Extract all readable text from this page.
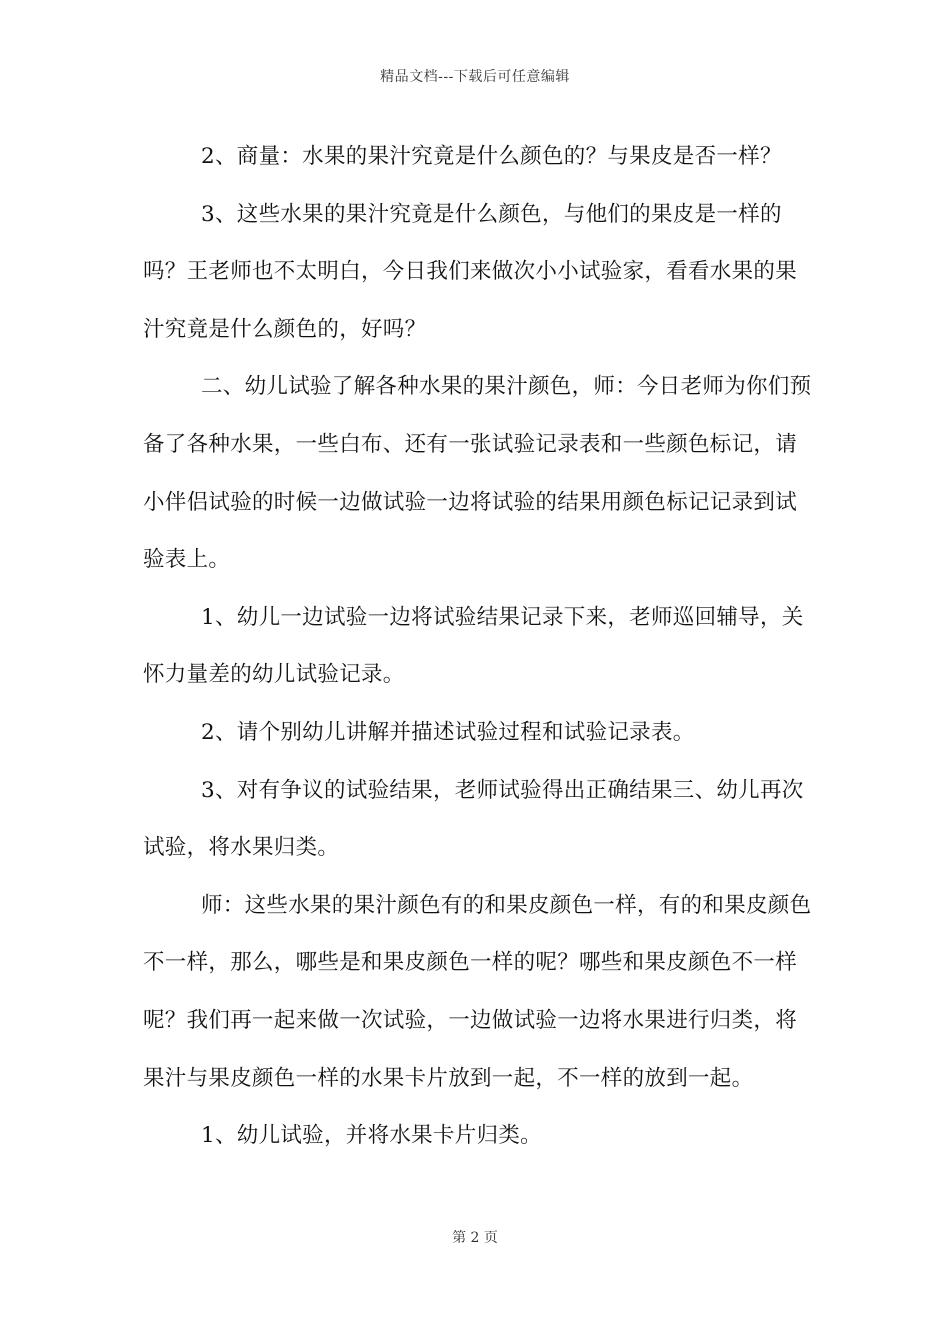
精品文档---下载后可任意编辑

2、商量：水果的果汁究竟是什么颜色的？与果皮是否一样？

3、这些水果的果汁究竟是什么颜色，与他们的果皮是一样的吗？王老师也不太明白，今日我们来做次小小试验家，看看水果的果汁究竟是什么颜色的，好吗？

二、幼儿试验了解各种水果的果汁颜色，师：今日老师为你们预备了各种水果，一些白布、还有一张试验记录表和一些颜色标记，请小伴侣试验的时候一边做试验一边将试验的结果用颜色标记记录到试验表上。

1、幼儿一边试验一边将试验结果记录下来，老师巡回辅导，关怀力量差的幼儿试验记录。

2、请个别幼儿讲解并描述试验过程和试验记录表。

3、对有争议的试验结果，老师试验得出正确结果三、幼儿再次试验，将水果归类。

师：这些水果的果汁颜色有的和果皮颜色一样，有的和果皮颜色不一样，那么，哪些是和果皮颜色一样的呢？哪些和果皮颜色不一样呢？我们再一起来做一次试验，一边做试验一边将水果进行归类，将果汁与果皮颜色一样的水果卡片放到一起，不一样的放到一起。

1、幼儿试验，并将水果卡片归类。

第 2 页
